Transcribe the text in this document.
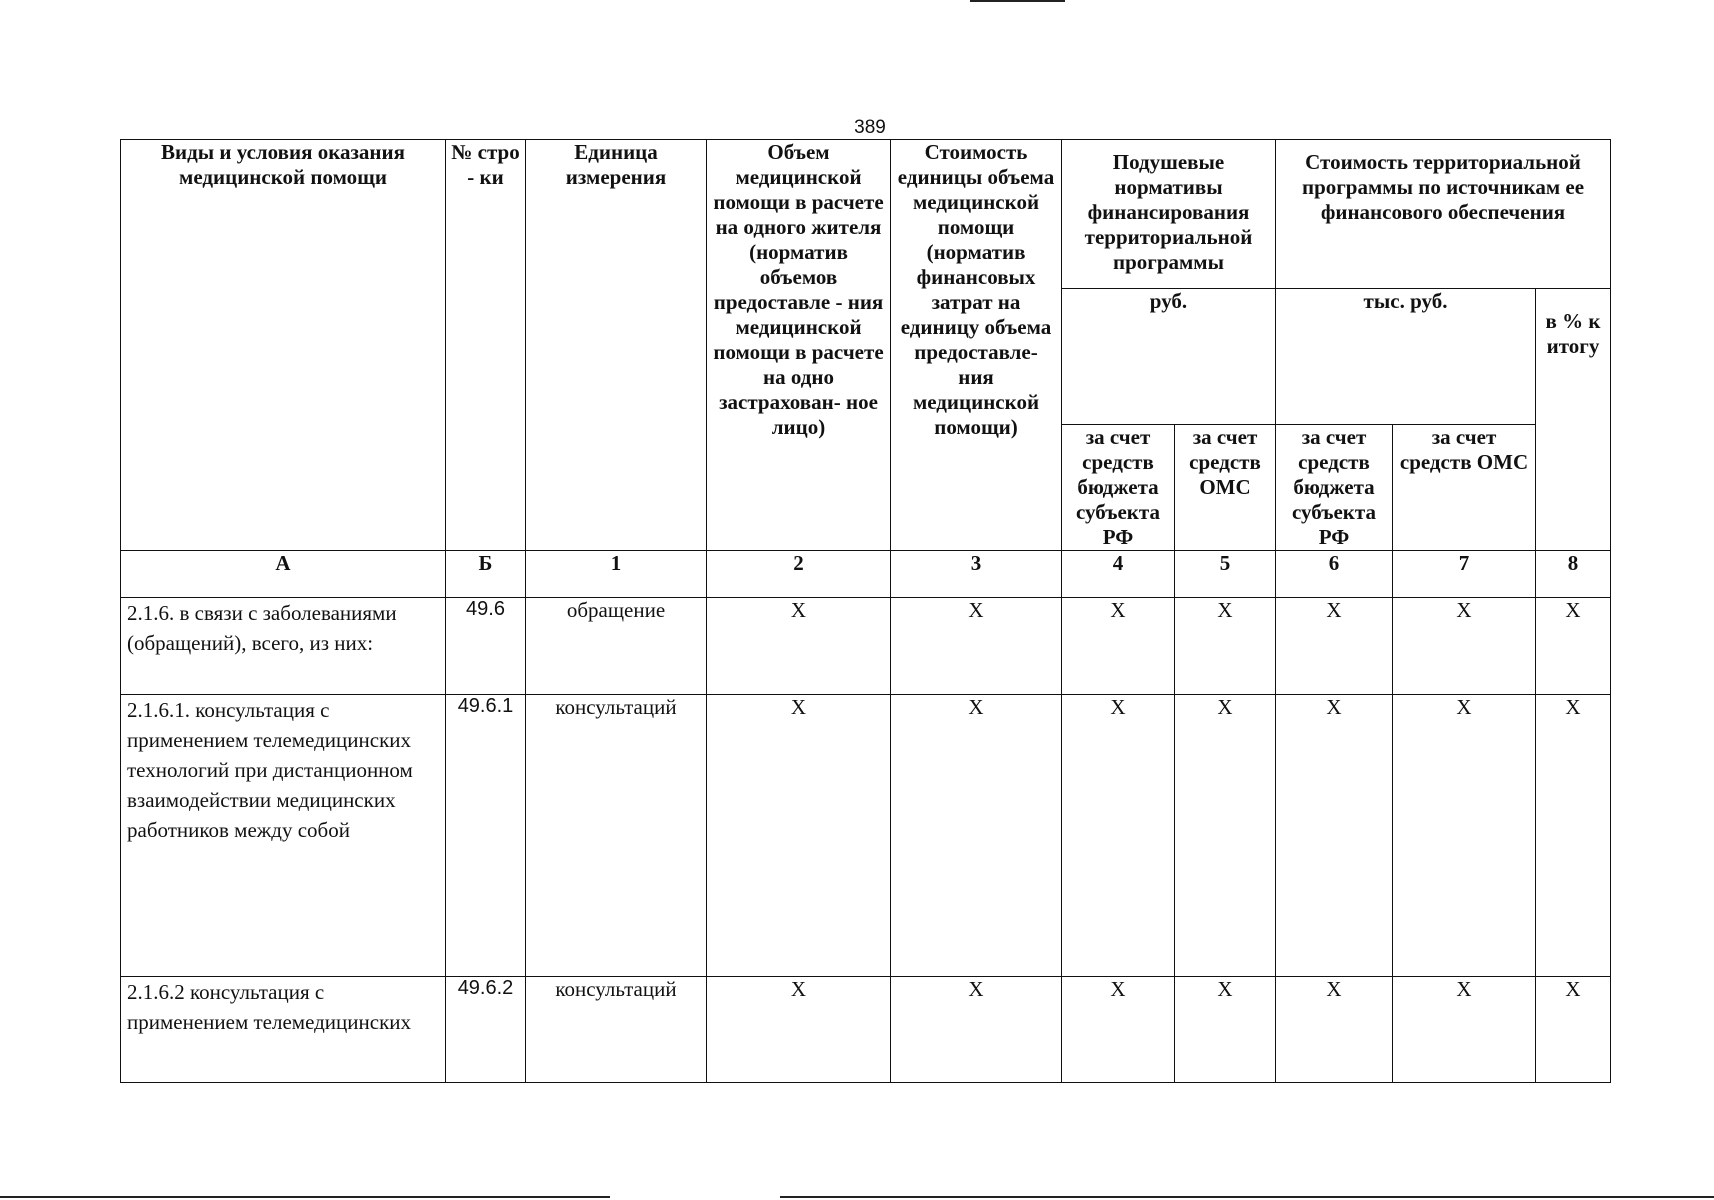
389
Виды и условия оказания медицинской помощи	№ стро - ки	Единица измерения	Объем медицинской помощи в расчете на одного жителя (норматив объемов предоставле - ния медицинской помощи в расчете на одно застрахован- ное лицо)	Стоимость единицы объема медицинской помощи (норматив финансовых затрат на единицу объема предоставле- ния медицинской помощи)	Подушевые нормативы финансирования территориальной программы		Стоимость территориальной программы по источникам ее финансового обеспечения		
					руб.		тыс. руб.		в % к итогу
					за счет средств бюджета субъекта РФ	за счет средств ОМС	за счет средств бюджета субъекта РФ	за счет средств ОМС	
А	Б	1	2	3	4	5	6	7	8
2.1.6. в связи с заболеваниями (обращений), всего, из них:	49.6	обращение	X	X	X	X	X	X	X
2.1.6.1. консультация с применением телемедицинских технологий при дистанционном взаимодействии медицинских работников между собой	49.6.1	консультаций	X	X	X	X	X	X	X
2.1.6.2 консультация с применением телемедицинских	49.6.2	консультаций	X	X	X	X	X	X	X
